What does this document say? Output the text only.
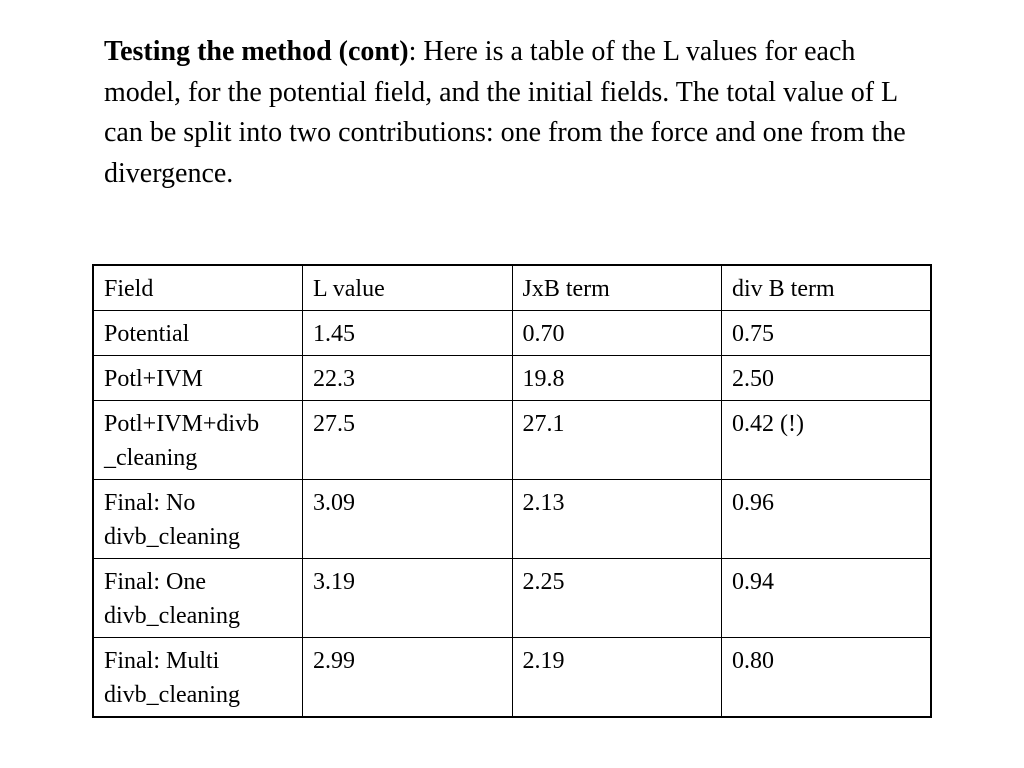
Testing the method (cont): Here is a table of the L values for each model, for the potential field, and the initial fields. The total value of L can be split into two contributions: one from the force and one from the divergence.

Field	L value	JxB term	div B term
Potential	1.45	0.70	0.75
Potl+IVM	22.3	19.8	2.50
Potl+IVM+divb
_cleaning	27.5	27.1	0.42 (!)
Final: No
divb_cleaning	3.09	2.13	0.96
Final: One
divb_cleaning	3.19	2.25	0.94
Final: Multi
divb_cleaning	2.99	2.19	0.80
